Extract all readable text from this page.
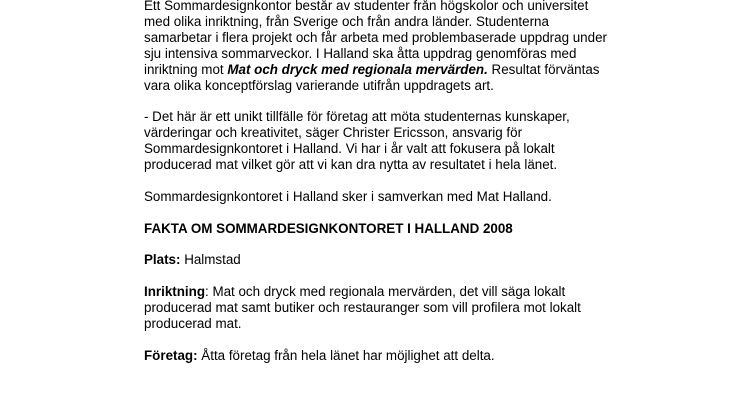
Ett Sommardesignkontor består av studenter från högskolor och universitet med olika inriktning, från Sverige och från andra länder. Studenterna samarbetar i flera projekt och får arbeta med problembaserade uppdrag under sju intensiva sommarveckor. I Halland ska åtta uppdrag genomföras med inriktning mot Mat och dryck med regionala mervärden. Resultat förväntas vara olika konceptförslag varierande utifrån uppdragets art.

- Det här är ett unikt tillfälle för företag att möta studenternas kunskaper, värderingar och kreativitet, säger Christer Ericsson, ansvarig för Sommardesignkontoret i Halland. Vi har i år valt att fokusera på lokalt producerad mat vilket gör att vi kan dra nytta av resultatet i hela länet.

Sommardesignkontoret i Halland sker i samverkan med Mat Halland.

FAKTA OM SOMMARDESIGNKONTORET I HALLAND 2008

Plats: Halmstad

Inriktning: Mat och dryck med regionala mervärden, det vill säga lokalt producerad mat samt butiker och restauranger som vill profilera mot lokalt producerad mat.

Företag: Åtta företag från hela länet har möjlighet att delta.
